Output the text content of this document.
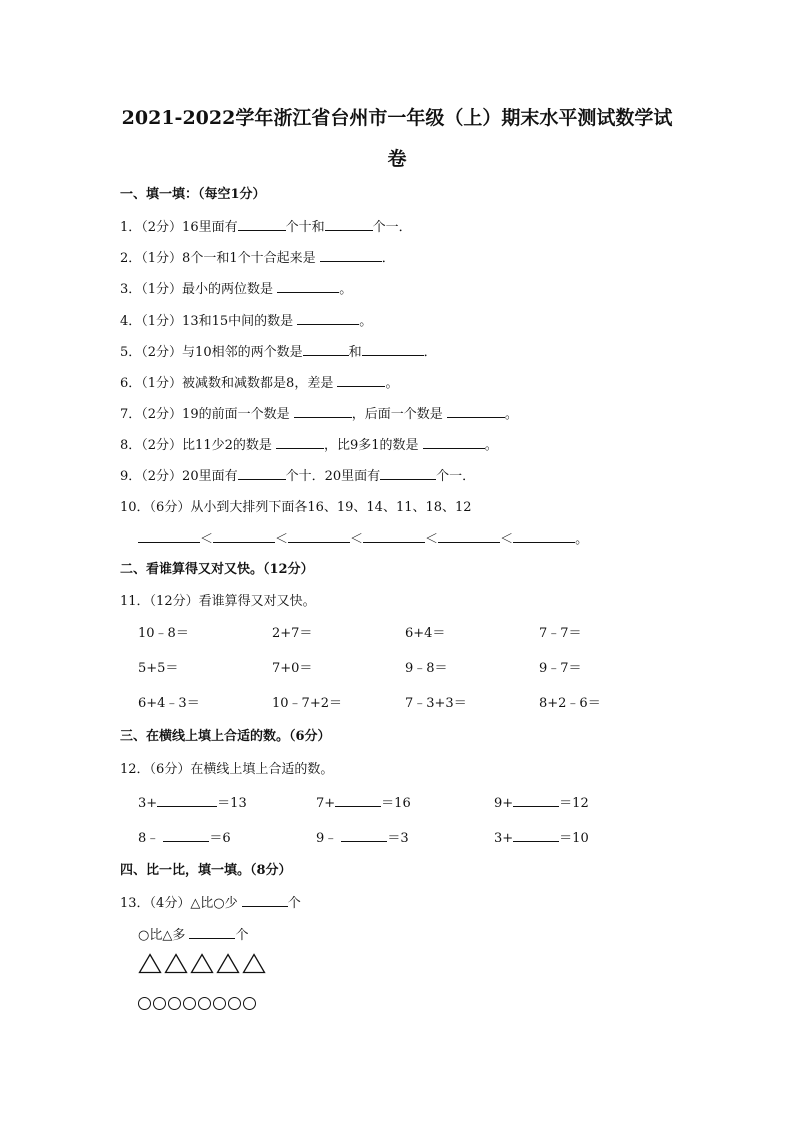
2021-2022学年浙江省台州市一年级（上）期末水平测试数学试
卷
一、填一填：（每空1分）
1．（2分）16里面有	个十和	个一．
2．（1分）8个一和1个十合起来是	．
3．（1分）最小的两位数是	。
4．（1分）13和15中间的数是	。
5．（2分）与10相邻的两个数是	和	．
6．（1分）被减数和减数都是8，差是	。
7．（2分）19的前面一个数是	，后面一个数是	。
8．（2分）比11少2的数是	，比9多1的数是	。
9．（2分）20里面有	个十．20里面有	个一．
10．（6分）从小到大排列下面各16、19、14、11、18、12
＜	＜	＜	＜	＜	。
二、看谁算得又对又快。（12分）
11．（12分）看谁算得又对又快。
10﹣8＝	2+7＝	6+4＝	7﹣7＝
5+5＝	7+0＝	9﹣8＝	9﹣7＝
6+4﹣3＝	10﹣7+2＝	7﹣3+3＝	8+2﹣6＝
三、在横线上填上合适的数。（6分）
12．（6分）在横线上填上合适的数。
3+	＝13	7+	＝16	9+	＝12
8﹣	＝6	9﹣	＝3	3+	＝10
四、比一比，填一填。（8分）
13．（4分）△比○少	个
○比△多	个
